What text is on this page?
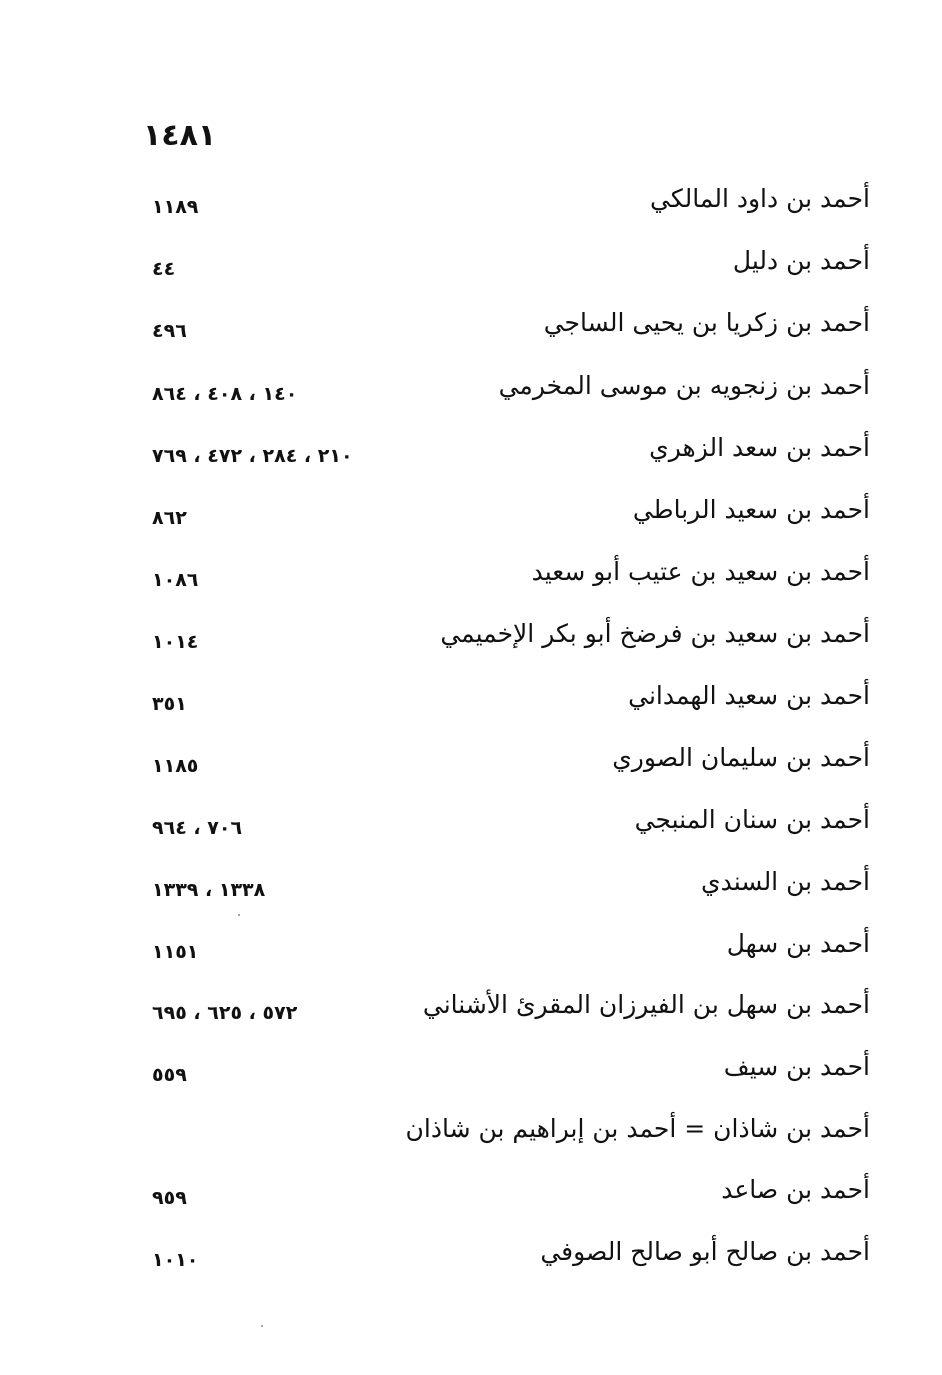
١٤٨١
أحمد بن داود المالكي
١١٨٩
أحمد بن دليل
٤٤
أحمد بن زكريا بن يحيى الساجي
٤٩٦
أحمد بن زنجويه بن موسى المخرمي
١٤٠ ، ٤٠٨ ، ٨٦٤
أحمد بن سعد الزهري
٢١٠ ، ٢٨٤ ، ٤٧٢ ، ٧٦٩
أحمد بن سعيد الرباطي
٨٦٢
أحمد بن سعيد بن عتيب أبو سعيد
١٠٨٦
أحمد بن سعيد بن فرضخ أبو بكر الإخميمي
١٠١٤
أحمد بن سعيد الهمداني
٣٥١
أحمد بن سليمان الصوري
١١٨٥
أحمد بن سنان المنبجي
٧٠٦ ، ٩٦٤
أحمد بن السندي
١٣٣٨ ، ١٣٣٩
أحمد بن سهل
١١٥١
أحمد بن سهل بن الفيرزان المقرئ الأشناني
٥٧٢ ، ٦٢٥ ، ٦٩٥
أحمد بن سيف
٥٥٩
أحمد بن شاذان = أحمد بن إبراهيم بن شاذان
أحمد بن صاعد
٩٥٩
أحمد بن صالح أبو صالح الصوفي
١٠١٠
